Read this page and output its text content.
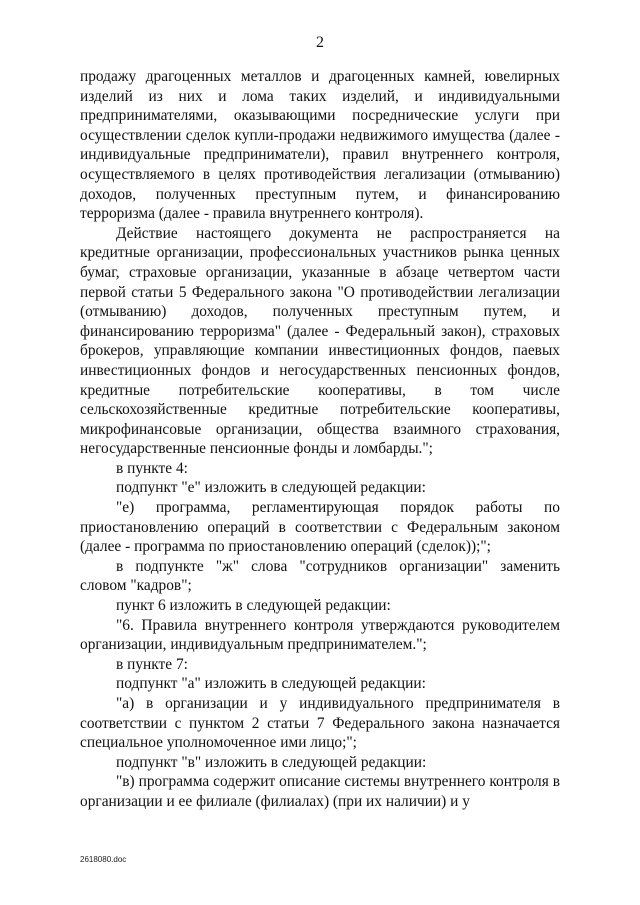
2

продажу драгоценных металлов и драгоценных камней, ювелирных изделий из них и лома таких изделий, и индивидуальными предпринимателями, оказывающими посреднические услуги при осуществлении сделок купли-продажи недвижимого имущества (далее - индивидуальные предприниматели), правил внутреннего контроля, осуществляемого в целях противодействия легализации (отмыванию) доходов, полученных преступным путем, и финансированию терроризма (далее - правила внутреннего контроля).

Действие настоящего документа не распространяется на кредитные организации, профессиональных участников рынка ценных бумаг, страховые организации, указанные в абзаце четвертом части первой статьи 5 Федерального закона "О противодействии легализации (отмыванию) доходов, полученных преступным путем, и финансированию терроризма" (далее - Федеральный закон), страховых брокеров, управляющие компании инвестиционных фондов, паевых инвестиционных фондов и негосударственных пенсионных фондов, кредитные потребительские кооперативы, в том числе сельскохозяйственные кредитные потребительские кооперативы, микрофинансовые организации, общества взаимного страхования, негосударственные пенсионные фонды и ломбарды.";

в пункте 4:

подпункт "е" изложить в следующей редакции:

"е) программа, регламентирующая порядок работы по приостановлению операций в соответствии с Федеральным законом (далее - программа по приостановлению операций (сделок));";

в подпункте "ж" слова "сотрудников организации" заменить словом "кадров";

пункт 6 изложить в следующей редакции:

"6. Правила внутреннего контроля утверждаются руководителем организации, индивидуальным предпринимателем.";

в пункте 7:

подпункт "а" изложить в следующей редакции:

"а) в организации и у индивидуального предпринимателя в соответствии с пунктом 2 статьи 7 Федерального закона назначается специальное уполномоченное ими лицо;";

подпункт "в" изложить в следующей редакции:

"в) программа содержит описание системы внутреннего контроля в организации и ее филиале (филиалах) (при их наличии) и у

2618080.doc
